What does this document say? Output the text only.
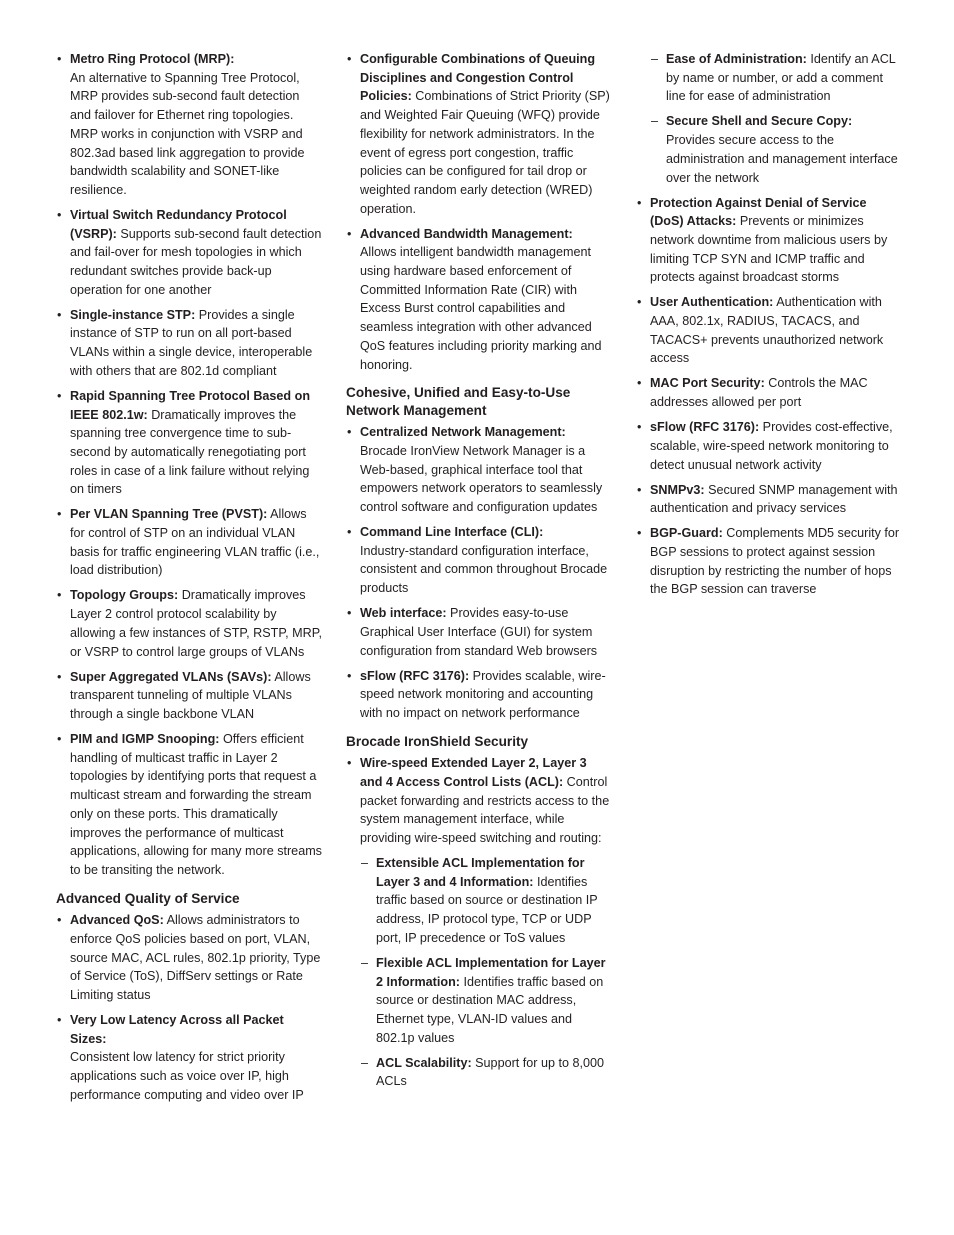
• Metro Ring Protocol (MRP):
An alternative to Spanning Tree Protocol, MRP provides sub-second fault detection and failover for Ethernet ring topologies. MRP works in conjunction with VSRP and 802.3ad based link aggregation to provide bandwidth scalability and SONET-like resilience.
• Virtual Switch Redundancy Protocol (VSRP): Supports sub-second fault detection and fail-over for mesh topologies in which redundant switches provide back-up operation for one another
• Single-instance STP: Provides a single instance of STP to run on all port-based VLANs within a single device, interoperable with others that are 802.1d compliant
• Rapid Spanning Tree Protocol Based on IEEE 802.1w: Dramatically improves the spanning tree convergence time to sub-second by automatically renegotiating port roles in case of a link failure without relying on timers
• Per VLAN Spanning Tree (PVST): Allows for control of STP on an individual VLAN basis for traffic engineering VLAN traffic (i.e., load distribution)
• Topology Groups: Dramatically improves Layer 2 control protocol scalability by allowing a few instances of STP, RSTP, MRP, or VSRP to control large groups of VLANs
• Super Aggregated VLANs (SAVs): Allows transparent tunneling of multiple VLANs through a single backbone VLAN
• PIM and IGMP Snooping: Offers efficient handling of multicast traffic in Layer 2 topologies by identifying ports that request a multicast stream and forwarding the stream only on these ports. This dramatically improves the performance of multicast applications, allowing for many more streams to be transiting the network.
Advanced Quality of Service
• Advanced QoS: Allows administrators to enforce QoS policies based on port, VLAN, source MAC, ACL rules, 802.1p priority, Type of Service (ToS), DiffServ settings or Rate Limiting status
• Very Low Latency Across all Packet Sizes:
Consistent low latency for strict priority applications such as voice over IP, high performance computing and video over IP
• Configurable Combinations of Queuing Disciplines and Congestion Control Policies: Combinations of Strict Priority (SP) and Weighted Fair Queuing (WFQ) provide flexibility for network administrators. In the event of egress port congestion, traffic policies can be configured for tail drop or weighted random early detection (WRED) operation.
• Advanced Bandwidth Management:
Allows intelligent bandwidth management using hardware based enforcement of Committed Information Rate (CIR) with Excess Burst control capabilities and seamless integration with other advanced QoS features including priority marking and honoring.
Cohesive, Unified and Easy-to-Use Network Management
• Centralized Network Management:
Brocade IronView Network Manager is a Web-based, graphical interface tool that empowers network operators to seamlessly control software and configuration updates
• Command Line Interface (CLI):
Industry-standard configuration interface, consistent and common throughout Brocade products
• Web interface: Provides easy-to-use Graphical User Interface (GUI) for system configuration from standard Web browsers
• sFlow (RFC 3176): Provides scalable, wire-speed network monitoring and accounting with no impact on network performance
Brocade IronShield Security
• Wire-speed Extended Layer 2, Layer 3 and 4 Access Control Lists (ACL): Control packet forwarding and restricts access to the system management interface, while providing wire-speed switching and routing:
– Extensible ACL Implementation for Layer 3 and 4 Information: Identifies traffic based on source or destination IP address, IP protocol type, TCP or UDP port, IP precedence or ToS values
– Flexible ACL Implementation for Layer 2 Information: Identifies traffic based on source or destination MAC address, Ethernet type, VLAN-ID values and 802.1p values
– ACL Scalability: Support for up to 8,000 ACLs
– Ease of Administration: Identify an ACL by name or number, or add a comment line for ease of administration
– Secure Shell and Secure Copy:
Provides secure access to the administration and management interface over the network
• Protection Against Denial of Service (DoS) Attacks: Prevents or minimizes network downtime from malicious users by limiting TCP SYN and ICMP traffic and protects against broadcast storms
• User Authentication: Authentication with AAA, 802.1x, RADIUS, TACACS, and TACACS+ prevents unauthorized network access
• MAC Port Security: Controls the MAC addresses allowed per port
• sFlow (RFC 3176): Provides cost-effective, scalable, wire-speed network monitoring to detect unusual network activity
• SNMPv3: Secured SNMP management with authentication and privacy services
• BGP-Guard: Complements MD5 security for BGP sessions to protect against session disruption by restricting the number of hops the BGP session can traverse
